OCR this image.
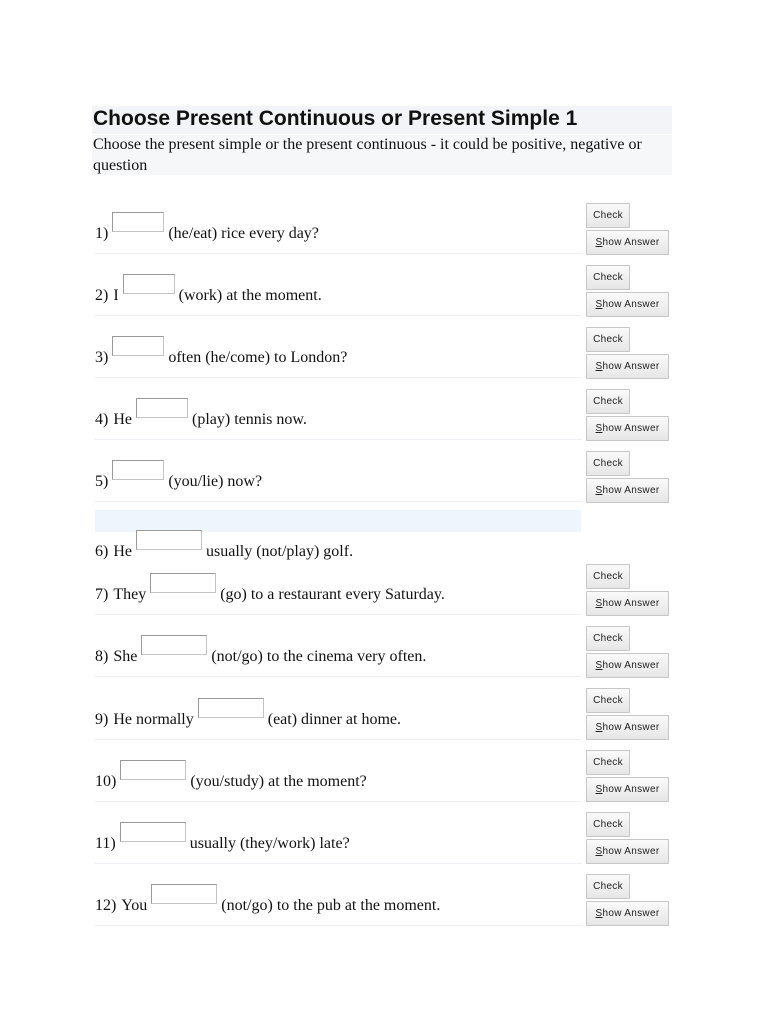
Choose Present Continuous or Present Simple 1

Choose the present simple or the present continuous - it could be positive, negative or question

1)	(he/eat) rice every day?
Check
Show Answer
2) I	(work) at the moment.
Check
Show Answer
3)	often (he/come) to London?
Check
Show Answer
4) He	(play) tennis now.
Check
Show Answer
5)	(you/lie) now?
Check
Show Answer
6) He	usually (not/play) golf.
7) They	(go) to a restaurant every Saturday.
Check
Show Answer
8) She	(not/go) to the cinema very often.
Check
Show Answer
9) He normally	(eat) dinner at home.
Check
Show Answer
10)	(you/study) at the moment?
Check
Show Answer
11)	usually (they/work) late?
Check
Show Answer
12) You	(not/go) to the pub at the moment.
Check
Show Answer
